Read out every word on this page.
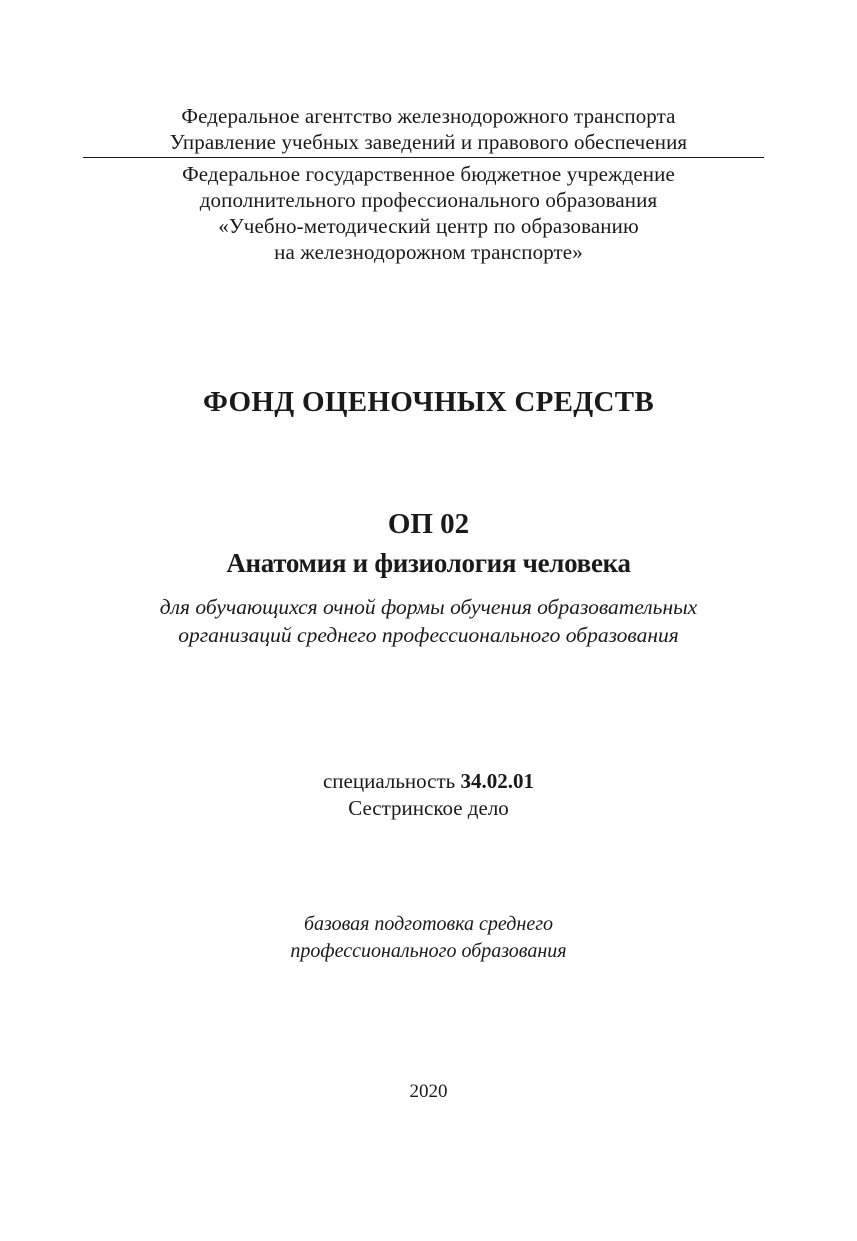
Федеральное агентство железнодорожного транспорта
Управление учебных заведений и правового обеспечения
Федеральное государственное бюджетное учреждение
дополнительного профессионального образования
«Учебно-методический центр по образованию
на железнодорожном транспорте»
ФОНД ОЦЕНОЧНЫХ СРЕДСТВ
ОП 02
Анатомия и физиология человека
для обучающихся очной формы обучения образовательных
организаций среднего профессионального образования
специальность 34.02.01
Сестринское дело
базовая подготовка среднего
профессионального образования
2020
